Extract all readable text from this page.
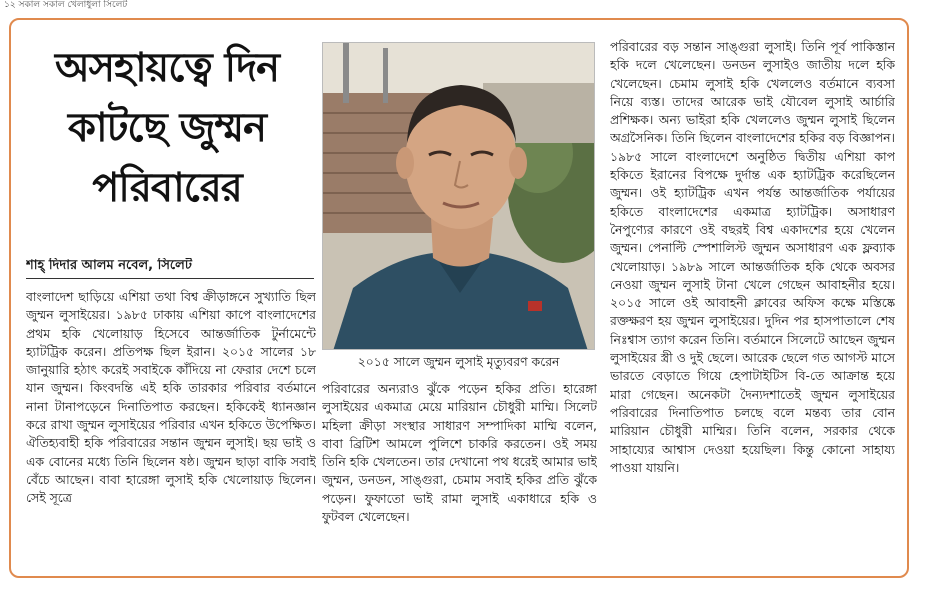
১২ সকাল সকাল খেলাধুলা সিলেট
অসহায়ত্বে দিন
কাটছে জুম্মন
পরিবারের
শাহ্ দিদার আলম নবেল, সিলেট
বাংলাদেশ ছাড়িয়ে এশিয়া তথা বিশ্ব ক্রীড়াঙ্গনে সুখ্যাতি ছিল জুম্মন লুসাইয়ের। ১৯৮৫ ঢাকায় এশিয়া কাপে বাংলাদেশের প্রথম হকি খেলোয়াড় হিসেবে আন্তর্জাতিক টুর্নামেন্টে হ্যাটট্রিক করেন। প্রতিপক্ষ ছিল ইরান। ২০১৫ সালের ১৮ জানুয়ারি হঠাৎ করেই সবাইকে কাঁদিয়ে না ফেরার দেশে চলে যান জুম্মন। কিংবদন্তি এই হকি তারকার পরিবার বর্তমানে নানা টানাপড়েনে দিনাতিপাত করছেন। হকিকেই ধ্যানজ্ঞান করে রাখা জুম্মন লুসাইয়ের পরিবার এখন হকিতে উপেক্ষিত। ঐতিহ্যবাহী হকি পরিবারের সন্তান জুম্মন লুসাই। ছয় ভাই ও এক বোনের মধ্যে তিনি ছিলেন ষষ্ঠ। জুম্মন ছাড়া বাকি সবাই বেঁচে আছেন। বাবা হারেঙ্গা লুসাই হকি খেলোয়াড় ছিলেন। সেই সূত্রে
২০১৫ সালে জুম্মন লুসাই মৃত্যুবরণ করেন
পরিবারের অন্যরাও ঝুঁকে পড়েন হকির প্রতি। হারেঙ্গা লুসাইয়ের একমাত্র মেয়ে মারিয়ান চৌধুরী মাম্মি। সিলেট মহিলা ক্রীড়া সংস্থার সাধারণ সম্পাদিকা মাম্মি বলেন, বাবা ব্রিটিশ আমলে পুলিশে চাকরি করতেন। ওই সময় তিনি হকি খেলতেন। তার দেখানো পথ ধরেই আমার ভাই জুম্মন, ডনডন, সাঙ্গুরা, চেমাম সবাই হকির প্রতি ঝুঁকে পড়েন। ফুফাতো ভাই রামা লুসাই একাধারে হকি ও ফুটবল খেলেছেন।
পরিবারের বড় সন্তান সাঙ্গুরা লুসাই। তিনি পূর্ব পাকিস্তান হকি দলে খেলেছেন। ডনডন লুসাইও জাতীয় দলে হকি খেলেছেন। চেমাম লুসাই হকি খেললেও বর্তমানে ব্যবসা নিয়ে ব্যস্ত। তাদের আরেক ভাই যৌবেল লুসাই আর্চারি প্রশিক্ষক। অন্য ভাইরা হকি খেললেও জুম্মন লুসাই ছিলেন অগ্রসৈনিক। তিনি ছিলেন বাংলাদেশের হকির বড় বিজ্ঞাপন। ১৯৮৫ সালে বাংলাদেশে অনুষ্ঠিত দ্বিতীয় এশিয়া কাপ হকিতে ইরানের বিপক্ষে দুর্দান্ত এক হ্যাটট্রিক করেছিলেন জুম্মন। ওই হ্যাটট্রিক এখন পর্যন্ত আন্তর্জাতিক পর্যায়ের হকিতে বাংলাদেশের একমাত্র হ্যাটট্রিক। অসাধারণ নৈপুণ্যের কারণে ওই বছরই বিশ্ব একাদশের হয়ে খেলেন জুম্মন। পেনাল্টি স্পেশালিস্ট জুম্মন অসাধারণ এক ফ্লব্যাক খেলোয়াড়। ১৯৮৯ সালে আন্তর্জাতিক হকি থেকে অবসর নেওয়া জুম্মন লুসাই টানা খেলে গেছেন আবাহনীর হয়ে। ২০১৫ সালে ওই আবাহনী ক্লাবের অফিস কক্ষে মস্তিষ্কে রক্তক্ষরণ হয় জুম্মন লুসাইয়ের। দুদিন পর হাসপাতালে শেষ নিঃশ্বাস ত্যাগ করেন তিনি। বর্তমানে সিলেটে আছেন জুম্মন লুসাইয়ের স্ত্রী ও দুই ছেলে। আরেক ছেলে গত আগস্ট মাসে ভারতে বেড়াতে গিয়ে হেপাটাইটিস বি-তে আক্রান্ত হয়ে মারা গেছেন। অনেকটা দৈন্যদশাতেই জুম্মন লুসাইয়ের পরিবারের দিনাতিপাত চলছে বলে মন্তব্য তার বোন মারিয়ান চৌধুরী মাম্মির। তিনি বলেন, সরকার থেকে সাহায্যের আশ্বাস দেওয়া হয়েছিল। কিন্তু কোনো সাহায্য পাওয়া যায়নি।
